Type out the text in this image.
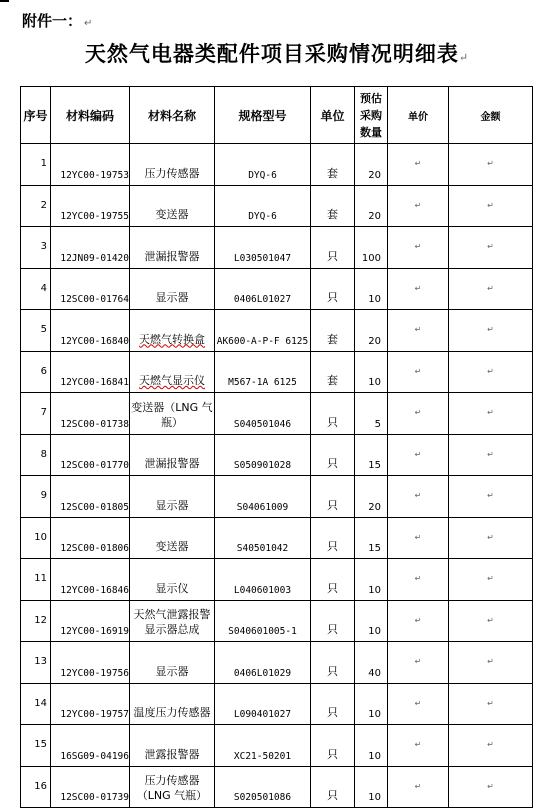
附件一： ↵
天然气电器类配件项目采购情况明细表↵
序号	材料编码	材料名称	规格型号	单位	预估采购数量	单价	金额
1	12YC00-19753	压力传感器	DYQ-6	套	20	↵	↵
2	12YC00-19755	变送器	DYQ-6	套	20	↵	↵
3	12JN09-01420	泄漏报警器	L030501047	只	100	↵	↵
4	12SC00-01764	显示器	0406L01027	只	10	↵	↵
5	12YC00-16840	天燃气转换盒	AK600-A-P-F 6125	套	20	↵	↵
6	12YC00-16841	天燃气显示仪	M567-1A 6125	套	10	↵	↵
7	12SC00-01738	变送器（LNG 气瓶）	S040501046	只	5	↵	↵
8	12SC00-01770	泄漏报警器	S050901028	只	15	↵	↵
9	12SC00-01805	显示器	S04061009	只	20	↵	↵
10	12SC00-01806	变送器	S40501042	只	15	↵	↵
11	12YC00-16846	显示仪	L040601003	只	10	↵	↵
12	12YC00-16919	天然气泄露报警显示器总成	S040601005-1	只	10	↵	↵
13	12YC00-19756	显示器	0406L01029	只	40	↵	↵
14	12YC00-19757	温度压力传感器	L090401027	只	10	↵	↵
15	16SG09-04196	泄露报警器	XC21-50201	只	10	↵	↵
16	12SC00-01739	压力传感器（LNG 气瓶）	S020501086	只	10	↵	↵
